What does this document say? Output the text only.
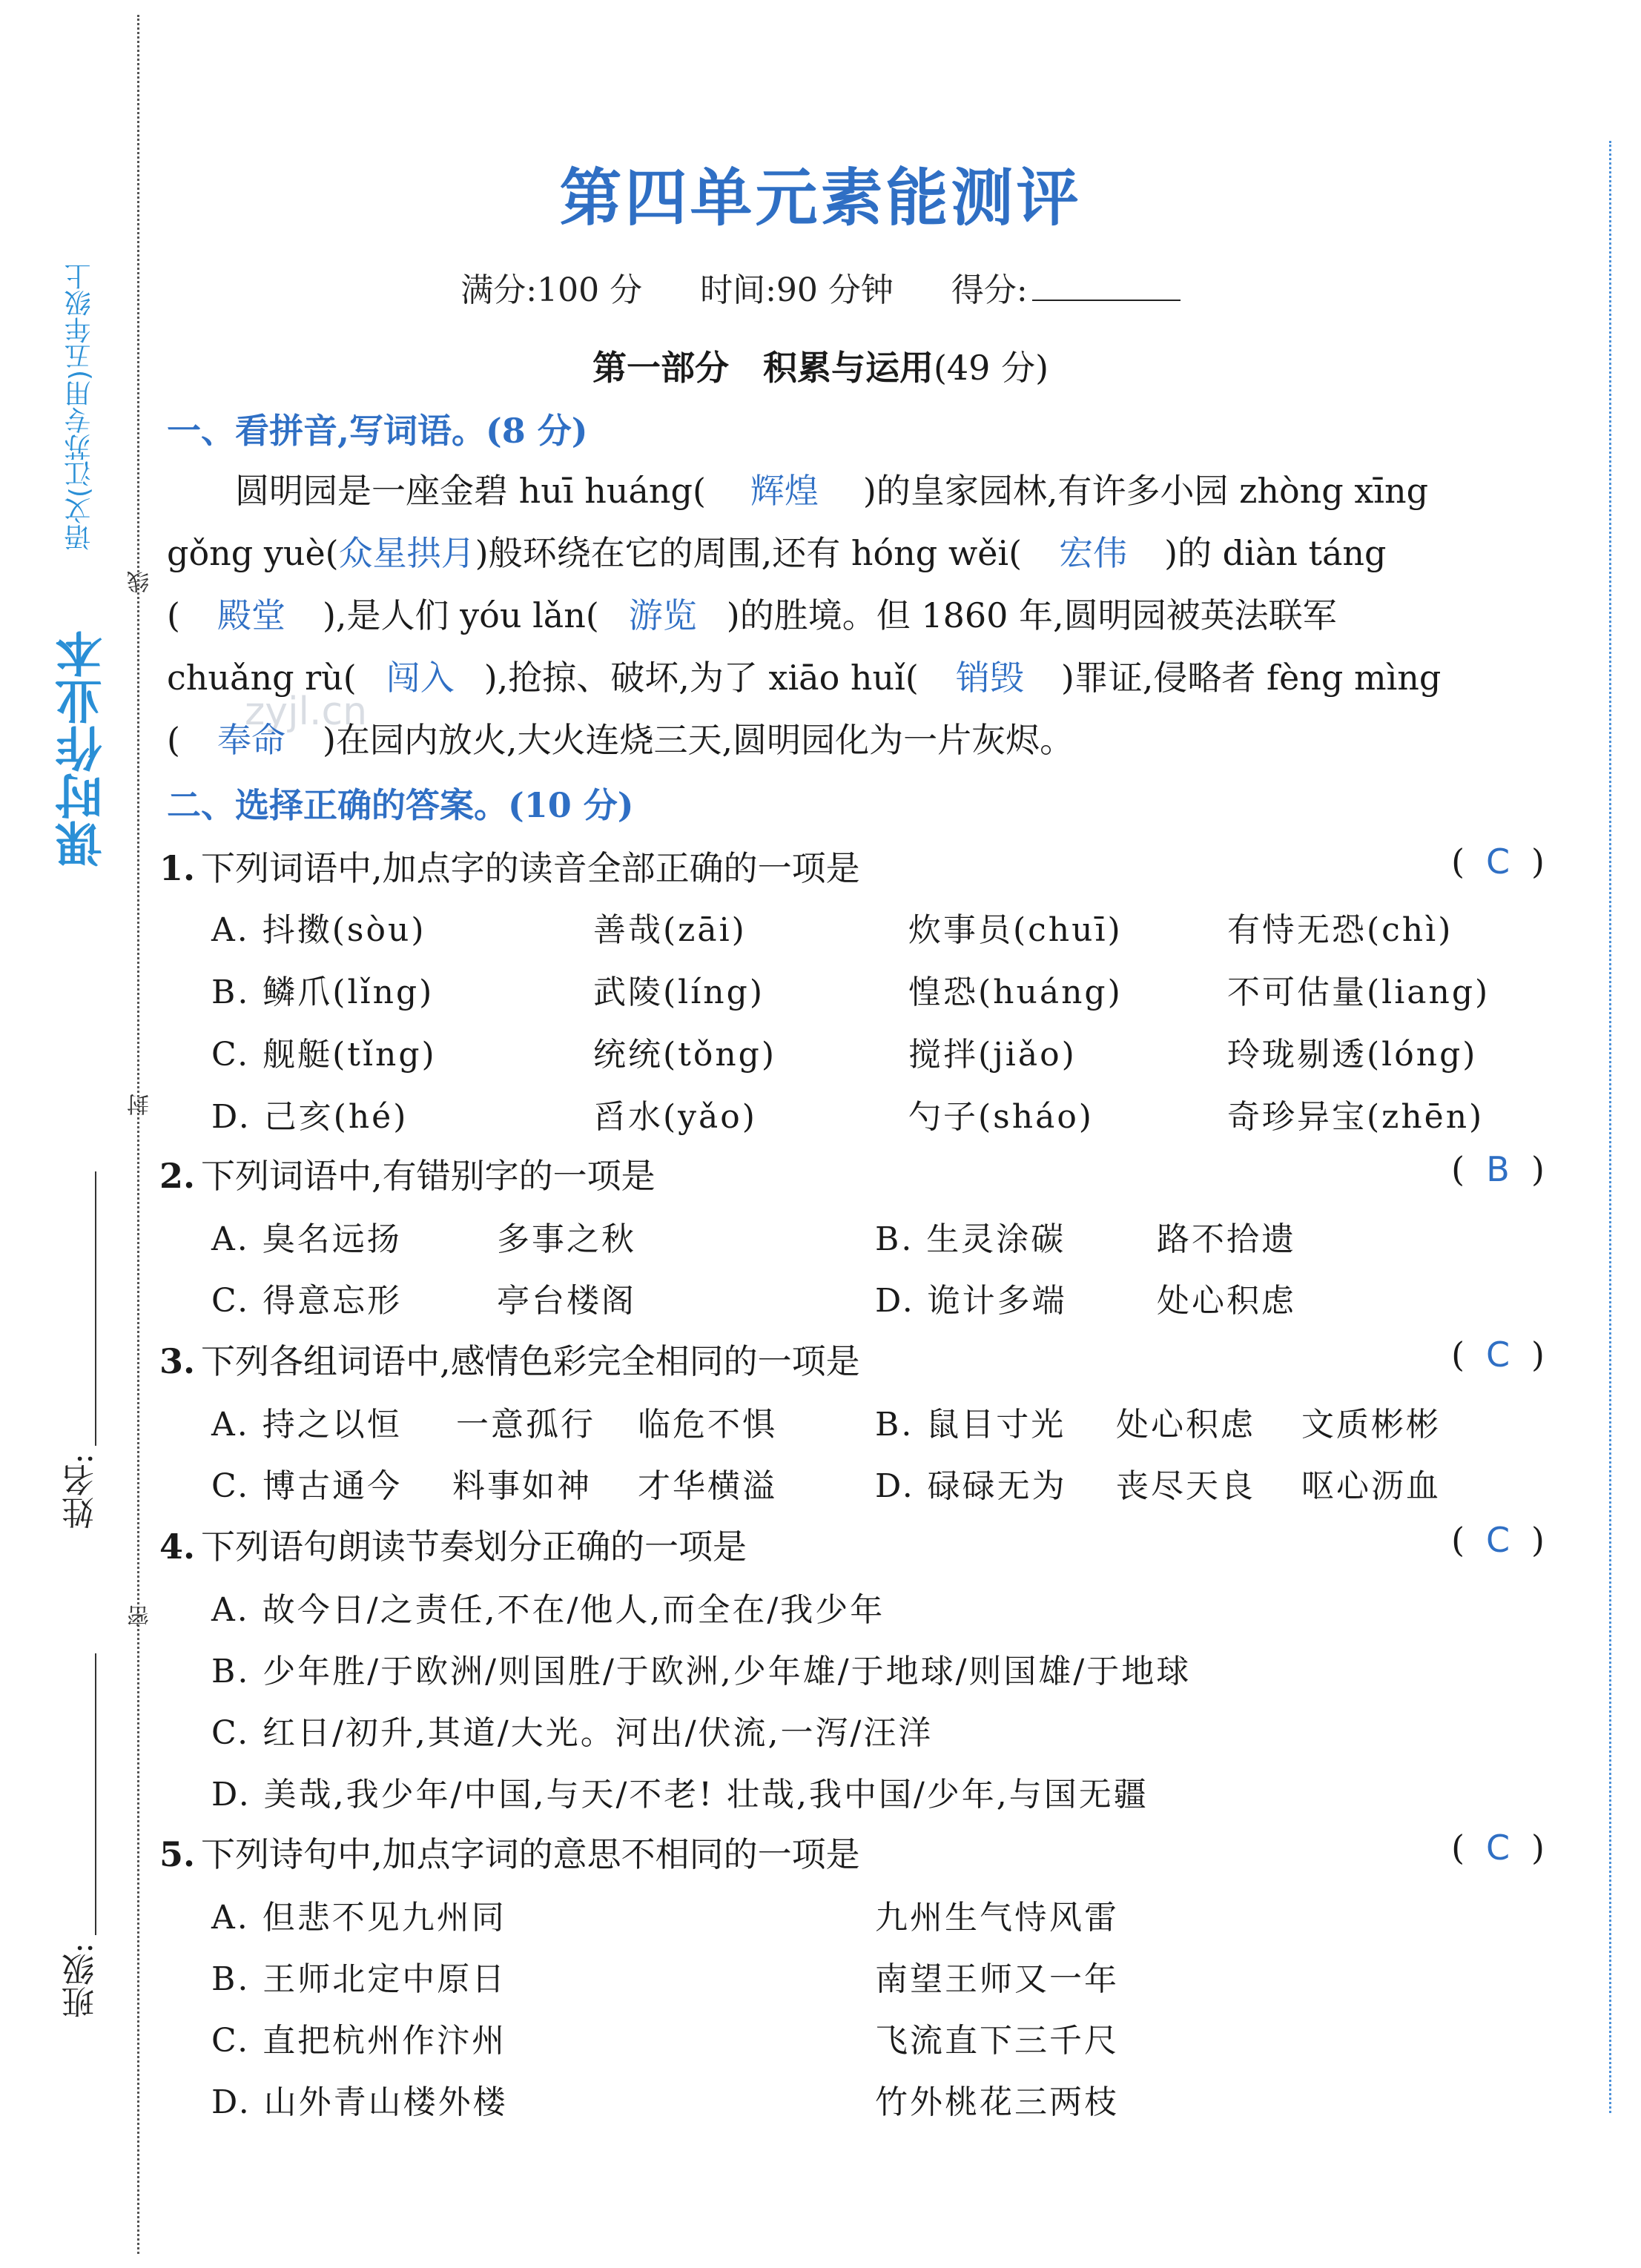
线
封
密
课时作业本
语文(江苏专用)五年级上
姓名:
班级:
zyjl.cn
第四单元素能测评
满分:100 分 时间:90 分钟 得分:
第一部分　积累与运用(49 分)
一、看拼音,写词语。(8 分)
圆明园是一座金碧 huī huáng( 辉煌 )的皇家园林,有许多小园 zhòng xīng
gǒng yuè(众星拱月)般环绕在它的周围,还有 hóng wěi( 宏伟 )的 diàn táng
( 殿堂 ),是人们 yóu lǎn( 游览 )的胜境。但 1860 年,圆明园被英法联军
chuǎng rù( 闯入 ),抢掠、破坏,为了 xiāo huǐ( 销毁 )罪证,侵略者 fèng mìng
( 奉命 )在园内放火,大火连烧三天,圆明园化为一片灰烬。
二、选择正确的答案。(10 分)
1. 下列词语中,加点字的读音全部正确的一项是	( C )
A. 抖擞(sòu)	善哉(zāi)	炊事员(chuī)	有恃无恐(chì)
B. 鳞爪(lǐng)	武陵(líng)	惶恐(huáng)	不可估量(liang)
C. 舰艇(tǐng)	统统(tǒng)	搅拌(jiǎo)	玲珑剔透(lóng)
D. 己亥(hé)	舀水(yǎo)	勺子(sháo)	奇珍异宝(zhēn)
2. 下列词语中,有错别字的一项是	( B )
A. 臭名远扬	多事之秋	B. 生灵涂碳	路不拾遗
C. 得意忘形	亭台楼阁	D. 诡计多端	处心积虑
3. 下列各组词语中,感情色彩完全相同的一项是	( C )
A. 持之以恒 一意孤行 临危不惧	B. 鼠目寸光 处心积虑 文质彬彬
C. 博古通今 料事如神 才华横溢	D. 碌碌无为 丧尽天良 呕心沥血
4. 下列语句朗读节奏划分正确的一项是	( C )
A. 故今日/之责任,不在/他人,而全在/我少年
B. 少年胜/于欧洲/则国胜/于欧洲,少年雄/于地球/则国雄/于地球
C. 红日/初升,其道/大光。河出/伏流,一泻/汪洋
D. 美哉,我少年/中国,与天/不老! 壮哉,我中国/少年,与国无疆
5. 下列诗句中,加点字词的意思不相同的一项是	( C )
A. 但悲不见九州同	九州生气恃风雷
B. 王师北定中原日	南望王师又一年
C. 直把杭州作汴州	飞流直下三千尺
D. 山外青山楼外楼	竹外桃花三两枝
